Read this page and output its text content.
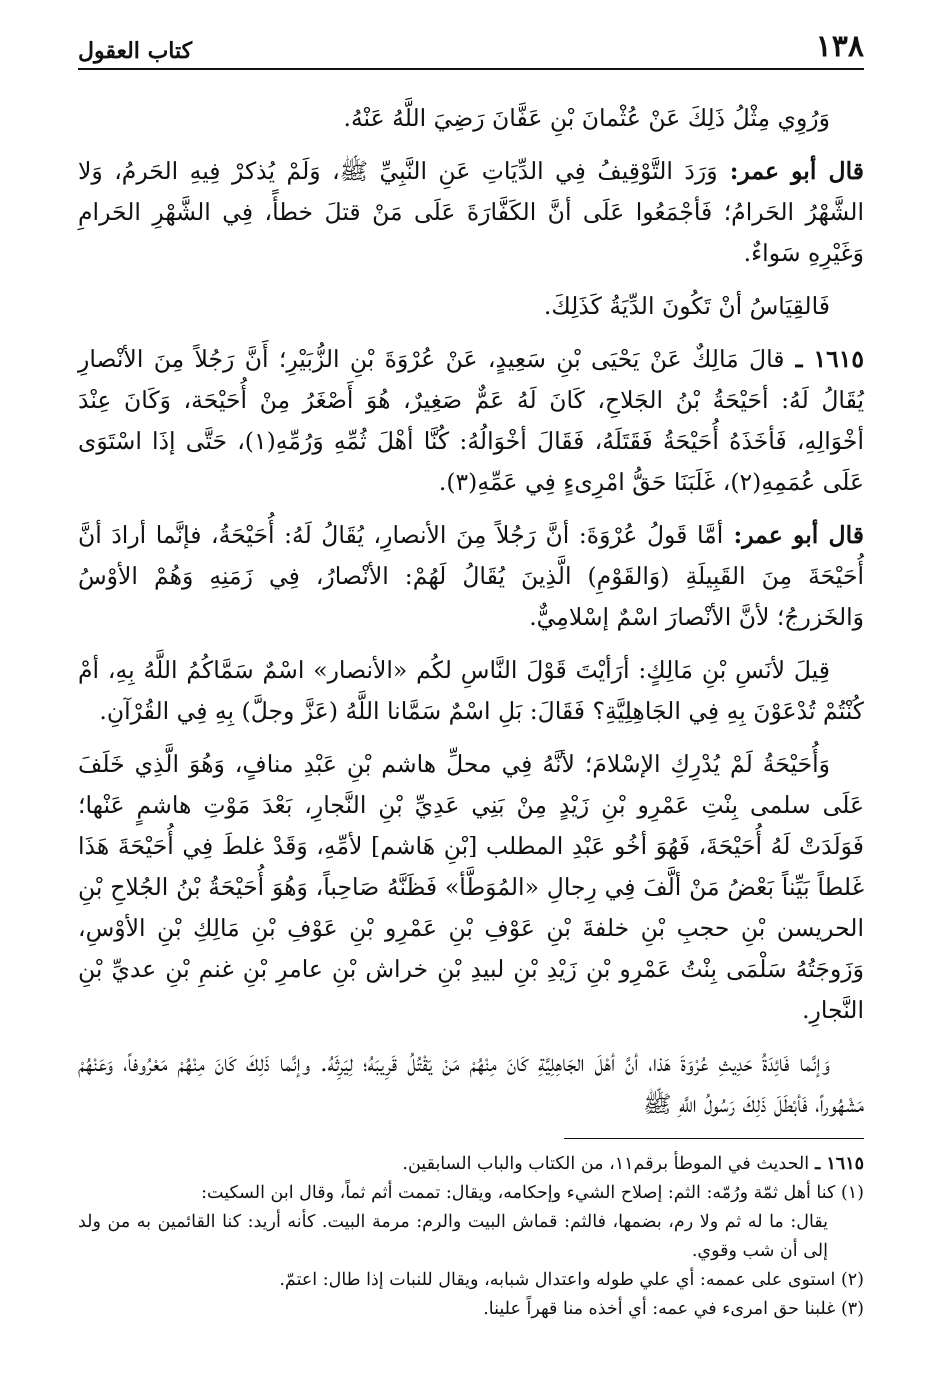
١٣٨
كتاب العقول

وَرُوِي مِثْلُ ذَلِكَ عَنْ عُثْمانَ بْنِ عَفَّانَ رَضِيَ اللَّهُ عَنْهُ.

قال أبو عمر: وَرَدَ التَّوْقِيفُ فِي الدِّيَاتِ عَنِ النَّبِيِّ ﷺ، وَلَمْ يُذكرْ فِيهِ الحَرمُ، وَلا الشَّهْرُ الحَرامُ؛ فَأجْمَعُوا عَلَى أنَّ الكَفَّارَةَ عَلَى مَنْ قتلَ خطأً، فِي الشَّهْرِ الحَرامِ وَغَيْرِهِ سَواءٌ.

فَالقِيَاسُ أنْ تَكُونَ الدِّيَةُ كَذَلِكَ.

١٦١٥ ـ قالَ مَالِكٌ عَنْ يَحْيَى بْنِ سَعِيدٍ، عَنْ عُرْوَةَ بْنِ الزُّبَيْرِ؛ أَنَّ رَجُلاً مِنَ الأنْصارِ يُقَالُ لَهُ: أحَيْحَةُ بْنُ الجَلاحِ، كَانَ لَهُ عَمٌّ صَغِيرٌ، هُوَ أَصْغَرُ مِنْ أُحَيْحَة، وَكَانَ عِنْدَ أخْوَالِهِ، فَأخَذَهُ أُحَيْحَةُ فَقَتَلَهُ، فَقَالَ أخْوَالُهُ: كُنَّا أهْلَ ثُمِّهِ وَرُمِّهِ(١)، حَتَّى إذَا اسْتَوَى عَلَى عُمَمِهِ(٢)، غَلَبَنَا حَقُّ امْرِىءٍ فِي عَمِّهِ(٣).

قال أبو عمر: أمَّا قَولُ عُرْوَةَ: أنَّ رَجُلاً مِنَ الأنصارِ، يُقَالُ لَهُ: أُحَيْحَةُ، فإنَّما أرادَ أنَّ أُحَيْحَةَ مِنَ القَبِيلَةِ (وَالقَوْمِ) الَّذِينَ يُقَالُ لَهُمْ: الأنْصارُ، فِي زَمَنِهِ وَهُمْ الأوْسُ وَالخَزرجُ؛ لأنَّ الأنْصارَ اسْمٌ إسْلامِيٌّ.

قِيلَ لأنَسِ بْنِ مَالِكٍ: أرَأيْتَ قَوْلَ النَّاسِ لكُم «الأنصار» اسْمٌ سَمَّاكُمُ اللَّهُ بِهِ، أمْ كُنْتُمْ تُدْعَوْنَ بِهِ فِي الجَاهِلِيَّةِ؟ فَقَالَ: بَلِ اسْمٌ سَمَّانا اللَّهُ (عَزَّ وجلَّ) بِهِ فِي القُرْآنِ.

وَأُحَيْحَةُ لَمْ يُدْرِكِ الإسْلامَ؛ لأنَّهُ فِي محلِّ هاشم بْنِ عَبْدِ منافٍ، وَهُوَ الَّذِي خَلَفَ عَلَى سلمى بِنْتِ عَمْرِو بْنِ زَيْدٍ مِنْ بَنِي عَدِيِّ بْنِ النَّجارِ، بَعْدَ مَوْتِ هاشمٍ عَنْها؛ فَوَلَدَتْ لَهُ أُحَيْحَةَ، فَهُوَ أخُو عَبْدِ المطلب [بْنِ هَاشم] لأمِّهِ، وَقَدْ غلطَ فِي أُحَيْحَةَ هَذَا غَلطاً بَيِّناً بَعْضُ مَنْ ألَّفَ فِي رِجالِ «المُوَطَّأ» فَظَنَّهُ صَاحِباً، وَهُوَ أُحَيْحَةُ بْنُ الجُلاحِ بْنِ الحريسن بْنِ حجبِ بْنِ خلفةَ بْنِ عَوْفِ بْنِ عَمْرِو بْنِ عَوْفِ بْنِ مَالِكِ بْنِ الأوْسِ، وَزَوجَتُهُ سَلْمَى بِنْتُ عَمْرِو بْنِ زَيْدِ بْنِ لبيدِ بْنِ خراش بْنِ عامرِ بْنِ غنمِ بْنِ عديِّ بْنِ النَّجارِ.

وَإنَّما فَائِدَةُ حَدِيثِ عُرْوَةَ هَذا، أنَّ أهْلَ الجَاهِلِيَّةِ كَانَ مِنْهُمْ مَنْ يَقْتُلُ قَرِيبَهُ؛ لِيَرِثَهُ. وإنَّما ذَلِكَ كَانَ مِنْهُمْ مَعْرُوفاً، وَعَنْهُمْ مَشْهُوراً، فَأبْطَلَ ذَلِكَ رَسُولُ اللَّهِ ﷺ

١٦١٥ ـ الحديث في الموطأ برقم١١، من الكتاب والباب السابقين.

(١) كنا أهل ثمّة ورُمّه: الثم: إصلاح الشيء وإحكامه، ويقال: تممت أثم ثماً، وقال ابن السكيت:

يقال: ما له ثم ولا رم، بضمها، فالثم: قماش البيت والرم: مرمة البيت. كأنه أريد: كنا القائمين به من ولد إلى أن شب وقوي.

(٢) استوى على عممه: أي علي طوله واعتدال شبابه، ويقال للنبات إذا طال: اعتمّ.

(٣) غلبنا حق امرىء في عمه: أي أخذه منا قهراً علينا.
